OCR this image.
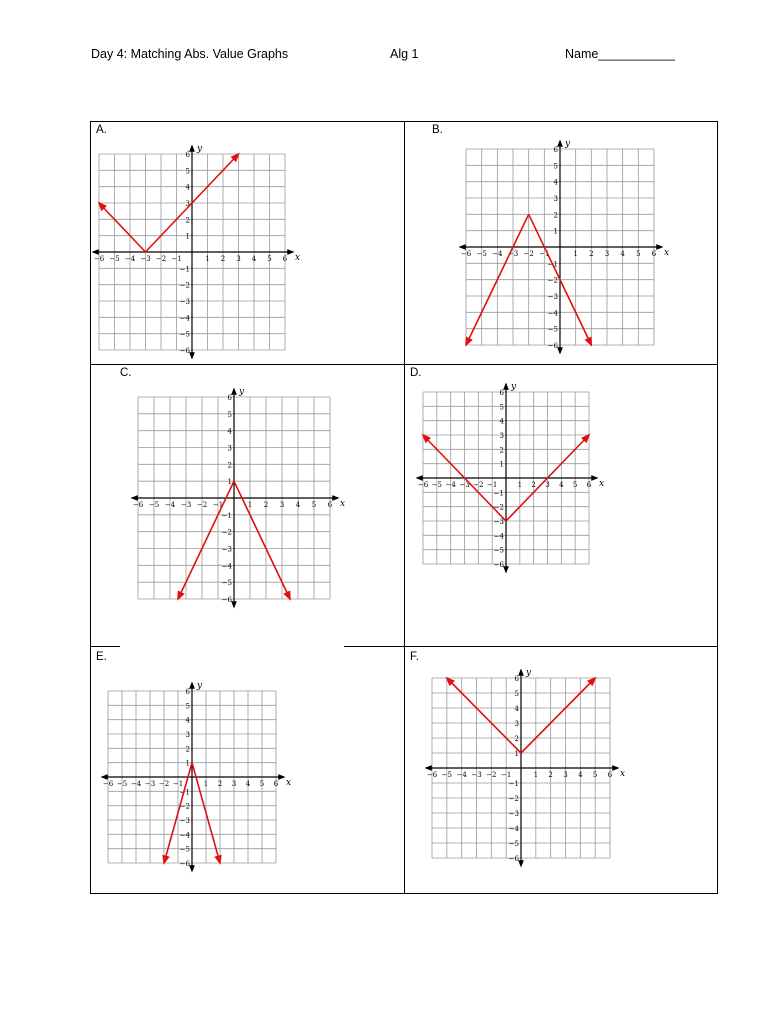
Day 4: Matching Abs. Value Graphs	Alg 1	Name___________
A.	B.
C.	D.
E.	F.
−6 −5 −4 −3 −2 −1	1 2 3 4 5 6
6
5
4
3
2
1
−1
−2
−3
−4
−5
−6
x
y
−6 −5 −4 −3 −2 −1	1 2 3 4 5 6
6
5
4
3
2
1
−1
−2
−3
−4
−5
−6
x
y
−6 −5 −4 −3 −2 −1	1 2 3 4 5 6
6
5
4
3
2
1
−1
−2
−3
−4
−5
−6
x
y
−6 −5 −4 −3 −2 −1	1 2 3 4 5 6
6
5
4
3
2
1
−1
−2
−3
−4
−5
−6
x
y
−6 −5 −4 −3 −2 −1	1 2 3 4 5 6
6
5
4
3
2
1
−1
−2
−3
−4
−5
−6
x
y
−6 −5 −4 −3 −2 −1	1 2 3 4 5 6
6
5
4
3
2
1
−1
−2
−3
−4
−5
−6
x
y
